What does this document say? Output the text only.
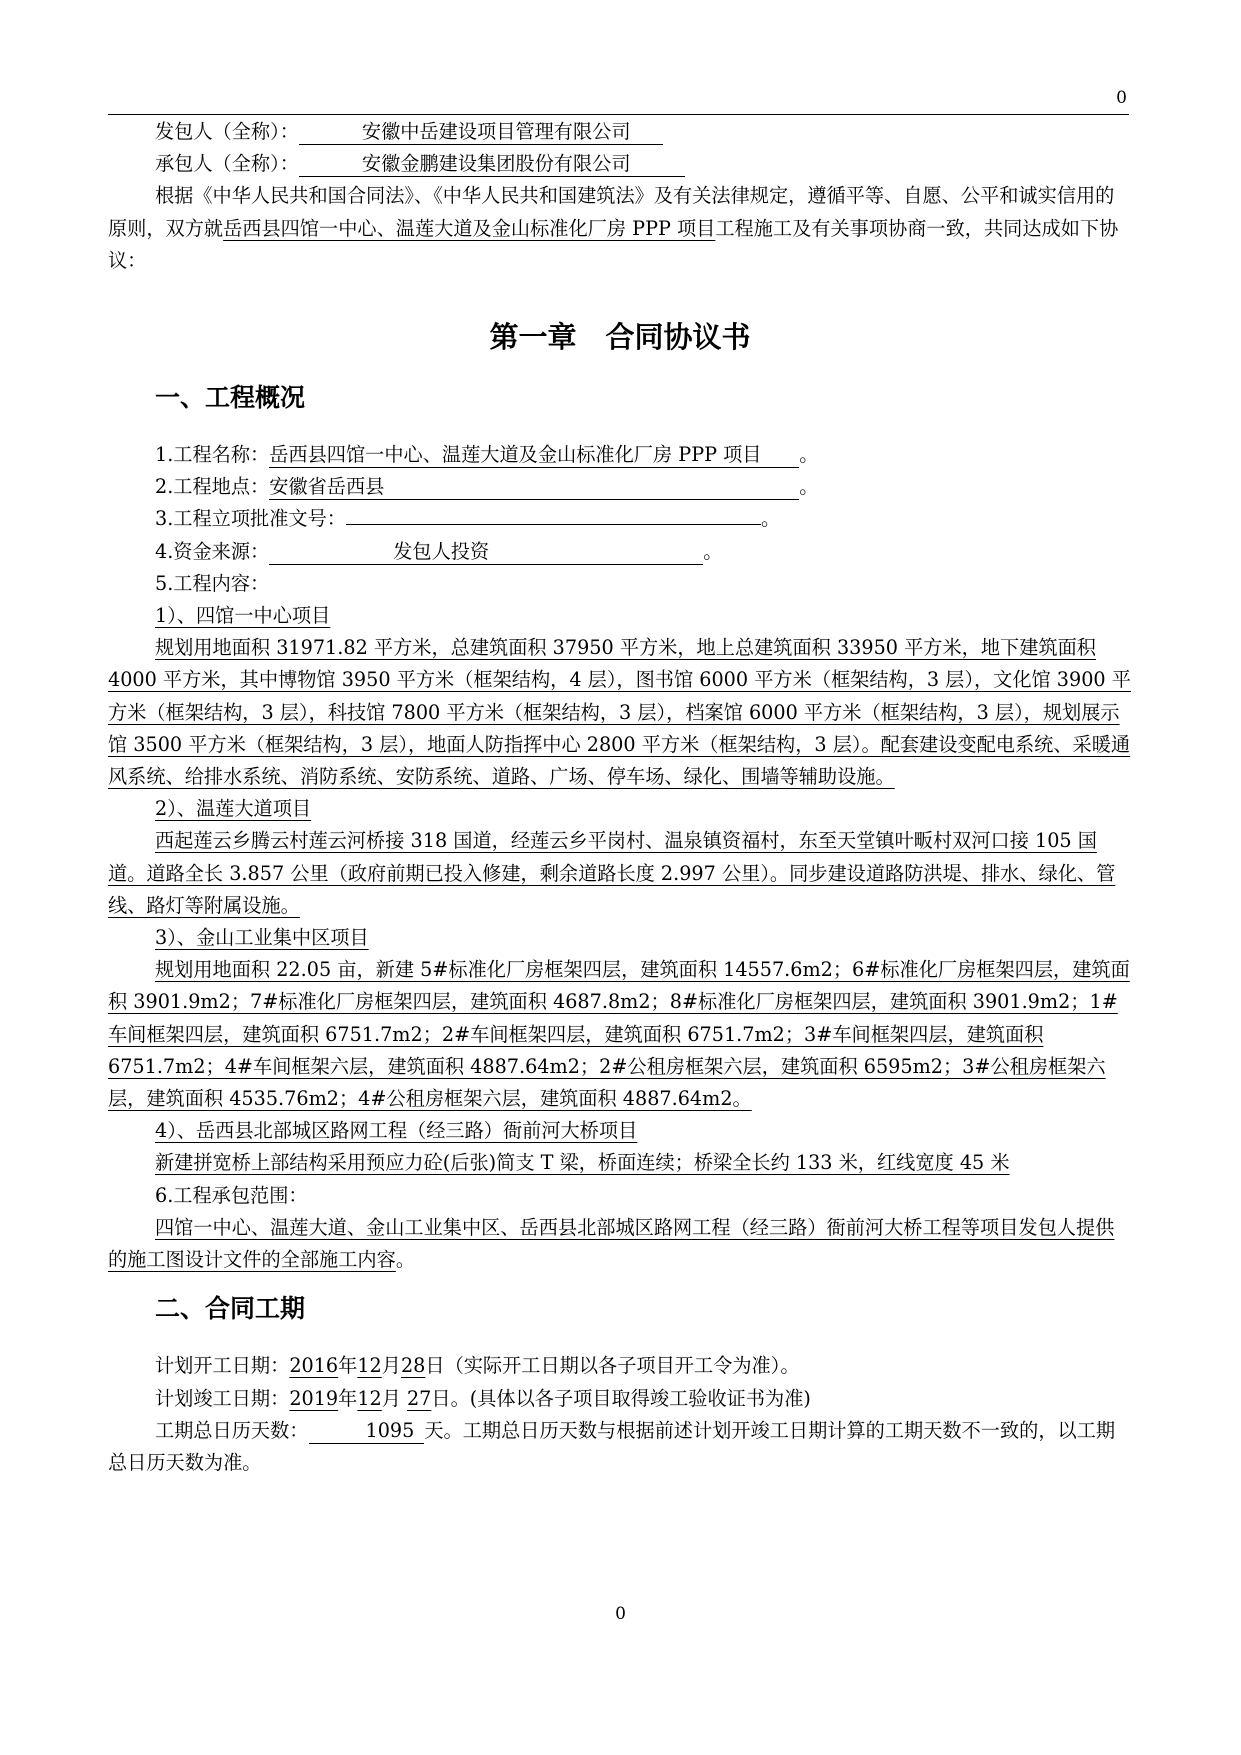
0

发包人（全称）：	安徽中岳建设项目管理有限公司

承包人（全称）：	安徽金鹏建设集团股份有限公司

根据《中华人民共和国合同法》、《中华人民共和国建筑法》及有关法律规定，遵循平等、自愿、公平和诚实信用的原则，双方就岳西县四馆一中心、温莲大道及金山标准化厂房 PPP 项目工程施工及有关事项协商一致，共同达成如下协议：

第一章　合同协议书
一、工程概况

1.工程名称：岳西县四馆一中心、温莲大道及金山标准化厂房 PPP 项目 。

2.工程地点：安徽省岳西县	。

3.工程立项批准文号：	。

4.资金来源：	发包人投资	。

5.工程内容：

1）、四馆一中心项目

规划用地面积 31971.82 平方米，总建筑面积 37950 平方米，地上总建筑面积 33950 平方米，地下建筑面积 4000 平方米，其中博物馆 3950 平方米（框架结构，4 层），图书馆 6000 平方米（框架结构，3 层），文化馆 3900 平方米（框架结构，3 层），科技馆 7800 平方米（框架结构，3 层），档案馆 6000 平方米（框架结构，3 层），规划展示馆 3500 平方米（框架结构，3 层），地面人防指挥中心 2800 平方米（框架结构，3 层）。配套建设变配电系统、采暖通风系统、给排水系统、消防系统、安防系统、道路、广场、停车场、绿化、围墙等辅助设施。

2）、温莲大道项目

西起莲云乡腾云村莲云河桥接 318 国道，经莲云乡平岗村、温泉镇资福村，东至天堂镇叶畈村双河口接 105 国道。道路全长 3.857 公里（政府前期已投入修建，剩余道路长度 2.997 公里）。同步建设道路防洪堤、排水、绿化、管线、路灯等附属设施。

3）、金山工业集中区项目

规划用地面积 22.05 亩，新建 5#标准化厂房框架四层，建筑面积 14557.6m2；6#标准化厂房框架四层，建筑面积 3901.9m2；7#标准化厂房框架四层，建筑面积 4687.8m2；8#标准化厂房框架四层，建筑面积 3901.9m2；1#车间框架四层，建筑面积 6751.7m2；2#车间框架四层，建筑面积 6751.7m2；3#车间框架四层，建筑面积 6751.7m2；4#车间框架六层，建筑面积 4887.64m2；2#公租房框架六层，建筑面积 6595m2；3#公租房框架六层，建筑面积 4535.76m2；4#公租房框架六层，建筑面积 4887.64m2。

4）、岳西县北部城区路网工程（经三路）衙前河大桥项目

新建拼宽桥上部结构采用预应力砼(后张)简支 T 梁，桥面连续；桥梁全长约 133 米，红线宽度 45 米

6.工程承包范围：

四馆一中心、温莲大道、金山工业集中区、岳西县北部城区路网工程（经三路）衙前河大桥工程等项目发包人提供的施工图设计文件的全部施工内容。

二、合同工期

计划开工日期：2016年12月28日（实际开工日期以各子项目开工令为准）。

计划竣工日期：2019年12月 27日。(具体以各子项目取得竣工验收证书为准)

工期总日历天数：	1095 天。工期总日历天数与根据前述计划开竣工日期计算的工期天数不一致的，以工期总日历天数为准。

0
